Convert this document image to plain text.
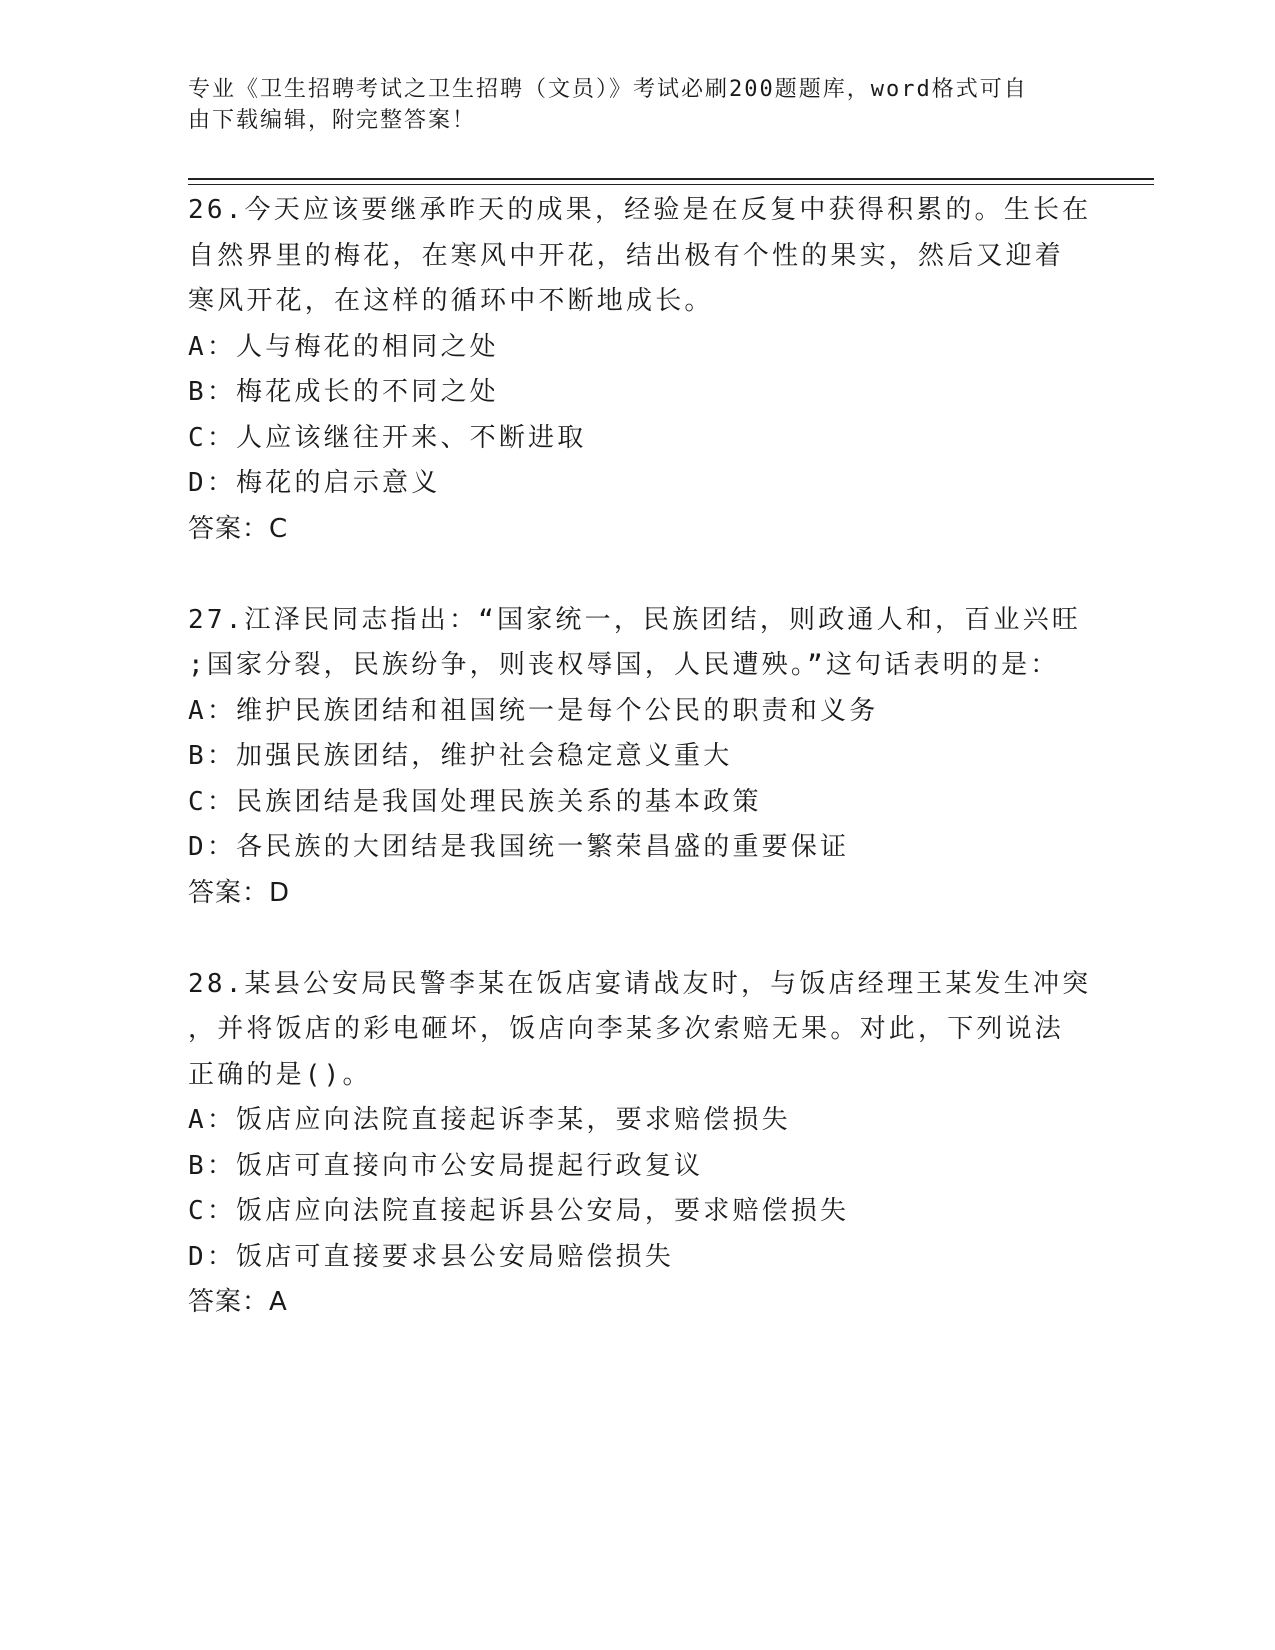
专业《卫生招聘考试之卫生招聘（文员）》考试必刷200题题库，word格式可自
由下载编辑，附完整答案！
26.今天应该要继承昨天的成果，经验是在反复中获得积累的。生长在
自然界里的梅花，在寒风中开花，结出极有个性的果实，然后又迎着
寒风开花，在这样的循环中不断地成长。
A：人与梅花的相同之处
B：梅花成长的不同之处
C：人应该继往开来、不断进取
D：梅花的启示意义
答案：C
27.江泽民同志指出：“国家统一，民族团结，则政通人和，百业兴旺
;国家分裂，民族纷争，则丧权辱国，人民遭殃。”这句话表明的是：
A：维护民族团结和祖国统一是每个公民的职责和义务
B：加强民族团结，维护社会稳定意义重大
C：民族团结是我国处理民族关系的基本政策
D：各民族的大团结是我国统一繁荣昌盛的重要保证
答案：D
28.某县公安局民警李某在饭店宴请战友时，与饭店经理王某发生冲突
，并将饭店的彩电砸坏，饭店向李某多次索赔无果。对此，下列说法
正确的是()。
A：饭店应向法院直接起诉李某，要求赔偿损失
B：饭店可直接向市公安局提起行政复议
C：饭店应向法院直接起诉县公安局，要求赔偿损失
D：饭店可直接要求县公安局赔偿损失
答案：A
